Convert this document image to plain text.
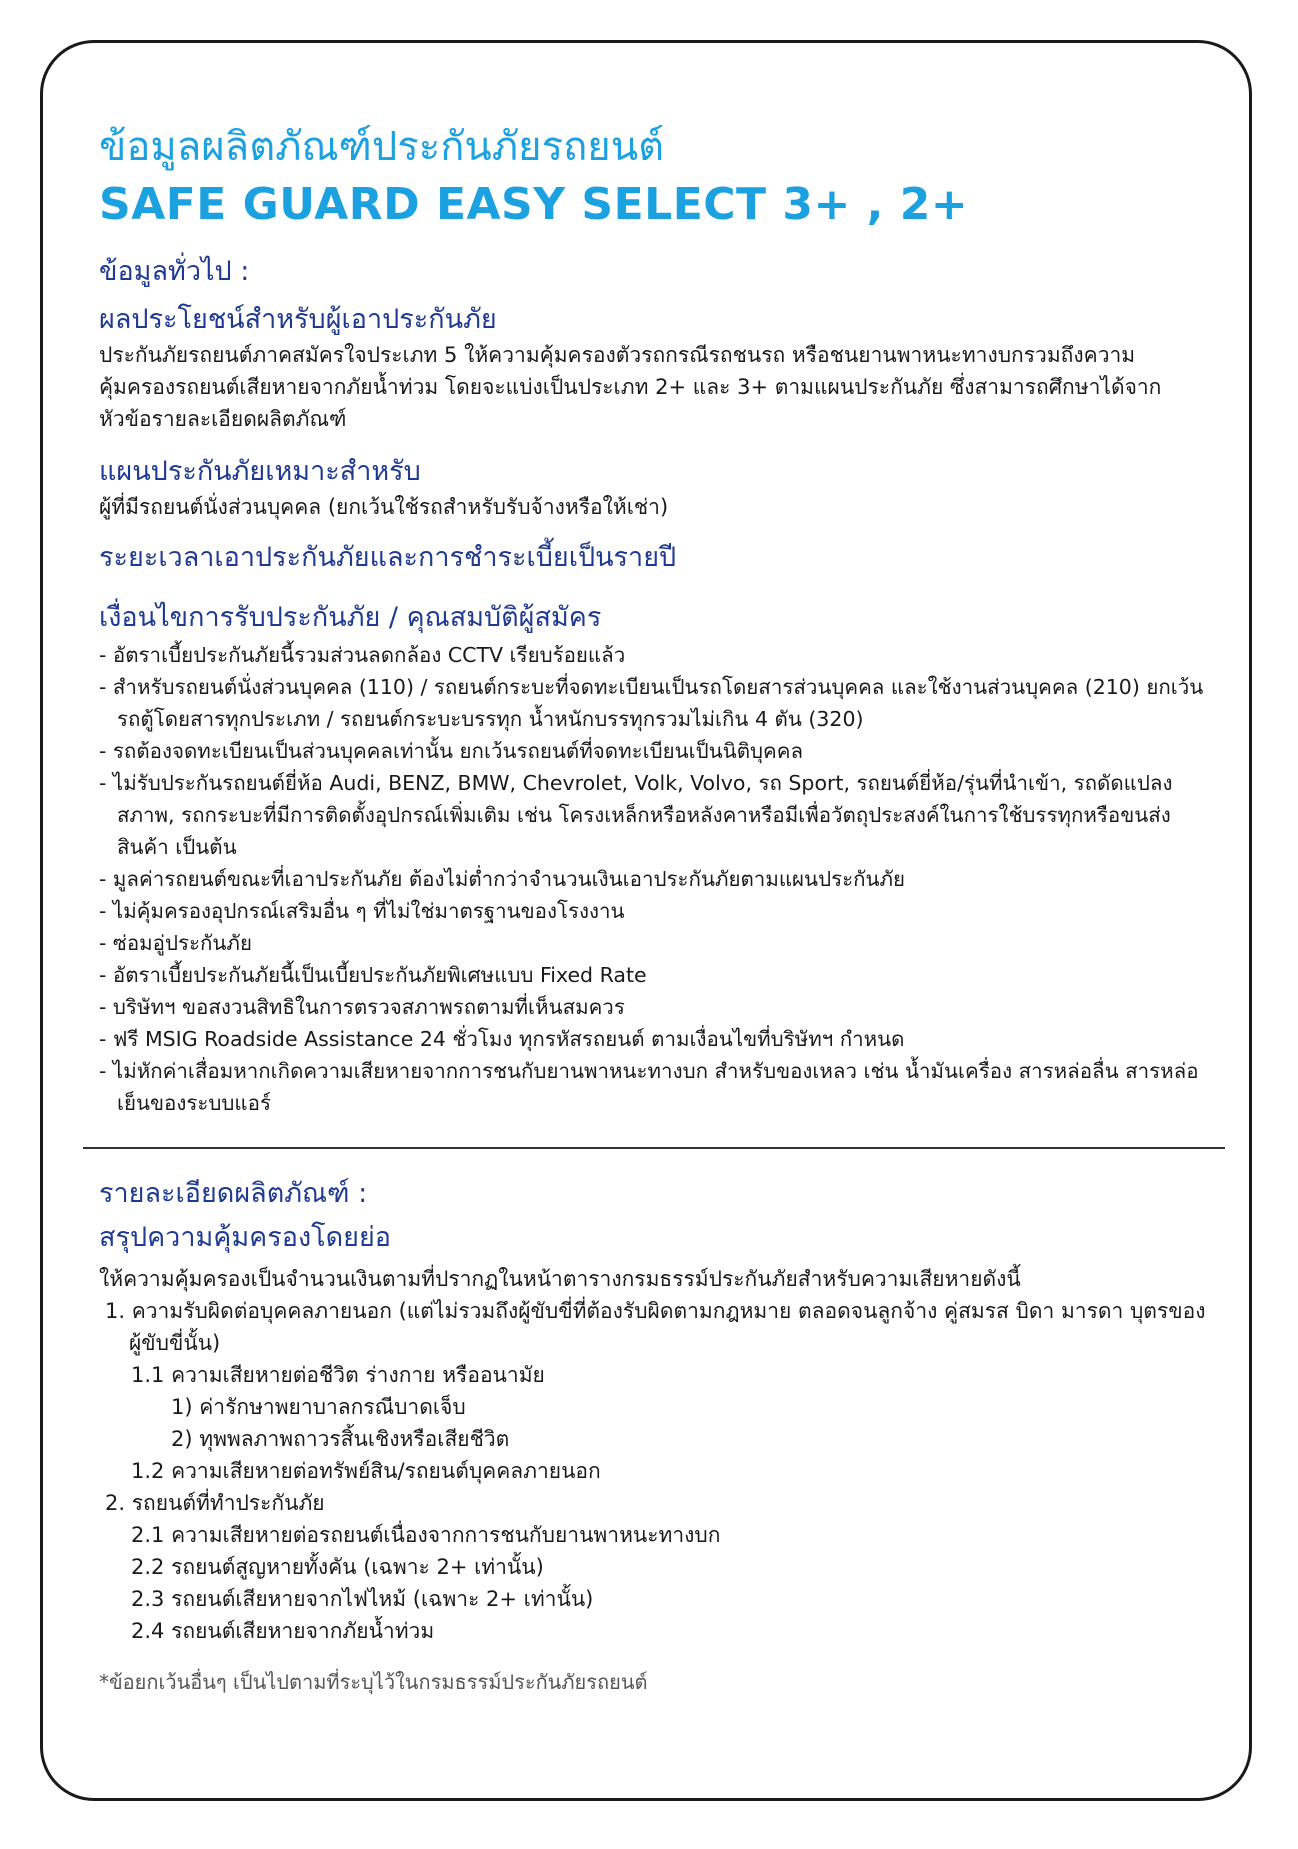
ข้อมูลผลิตภัณฑ์ประกันภัยรถยนต์
SAFE GUARD EASY SELECT 3+ , 2+
ข้อมูลทั่วไป :
ผลประโยชน์สำหรับผู้เอาประกันภัย

ประกันภัยรถยนต์ภาคสมัครใจประเภท 5 ให้ความคุ้มครองตัวรถกรณีรถชนรถ หรือชนยานพาหนะทางบกรวมถึงความคุ้มครองรถยนต์เสียหายจากภัยน้ำท่วม โดยจะแบ่งเป็นประเภท 2+ และ 3+ ตามแผนประกันภัย ซึ่งสามารถศึกษาได้จากหัวข้อรายละเอียดผลิตภัณฑ์

แผนประกันภัยเหมาะสำหรับ

ผู้ที่มีรถยนต์นั่งส่วนบุคคล (ยกเว้นใช้รถสำหรับรับจ้างหรือให้เช่า)

ระยะเวลาเอาประกันภัยและการชำระเบี้ยเป็นรายปี
เงื่อนไขการรับประกันภัย / คุณสมบัติผู้สมัคร
- อัตราเบี้ยประกันภัยนี้รวมส่วนลดกล้อง CCTV เรียบร้อยแล้ว
- สำหรับรถยนต์นั่งส่วนบุคคล (110) / รถยนต์กระบะที่จดทะเบียนเป็นรถโดยสารส่วนบุคคล และใช้งานส่วนบุคคล (210) ยกเว้นรถตู้โดยสารทุกประเภท / รถยนต์กระบะบรรทุก น้ำหนักบรรทุกรวมไม่เกิน 4 ตัน (320)
- รถต้องจดทะเบียนเป็นส่วนบุคคลเท่านั้น ยกเว้นรถยนต์ที่จดทะเบียนเป็นนิติบุคคล
- ไม่รับประกันรถยนต์ยี่ห้อ Audi, BENZ, BMW, Chevrolet, Volk, Volvo, รถ Sport, รถยนต์ยี่ห้อ/รุ่นที่นำเข้า, รถดัดแปลงสภาพ, รถกระบะที่มีการติดตั้งอุปกรณ์เพิ่มเติม เช่น โครงเหล็กหรือหลังคาหรือมีเพื่อวัตถุประสงค์ในการใช้บรรทุกหรือขนส่งสินค้า เป็นต้น
- มูลค่ารถยนต์ขณะที่เอาประกันภัย ต้องไม่ต่ำกว่าจำนวนเงินเอาประกันภัยตามแผนประกันภัย
- ไม่คุ้มครองอุปกรณ์เสริมอื่น ๆ ที่ไม่ใช่มาตรฐานของโรงงาน
- ซ่อมอู่ประกันภัย
- อัตราเบี้ยประกันภัยนี้เป็นเบี้ยประกันภัยพิเศษแบบ Fixed Rate
- บริษัทฯ ขอสงวนสิทธิในการตรวจสภาพรถตามที่เห็นสมควร
- ฟรี MSIG Roadside Assistance 24 ชั่วโมง ทุกรหัสรถยนต์ ตามเงื่อนไขที่บริษัทฯ กำหนด
- ไม่หักค่าเสื่อมหากเกิดความเสียหายจากการชนกับยานพาหนะทางบก สำหรับของเหลว เช่น น้ำมันเครื่อง สารหล่อลื่น สารหล่อเย็นของระบบแอร์
รายละเอียดผลิตภัณฑ์ :
สรุปความคุ้มครองโดยย่อ

ให้ความคุ้มครองเป็นจำนวนเงินตามที่ปรากฏในหน้าตารางกรมธรรม์ประกันภัยสำหรับความเสียหายดังนี้

1. ความรับผิดต่อบุคคลภายนอก (แต่ไม่รวมถึงผู้ขับขี่ที่ต้องรับผิดตามกฎหมาย ตลอดจนลูกจ้าง คู่สมรส บิดา มารดา บุตรของผู้ขับขี่นั้น)

1.1 ความเสียหายต่อชีวิต ร่างกาย หรืออนามัย

1) ค่ารักษาพยาบาลกรณีบาดเจ็บ

2) ทุพพลภาพถาวรสิ้นเชิงหรือเสียชีวิต

1.2 ความเสียหายต่อทรัพย์สิน/รถยนต์บุคคลภายนอก

2. รถยนต์ที่ทำประกันภัย

2.1 ความเสียหายต่อรถยนต์เนื่องจากการชนกับยานพาหนะทางบก

2.2 รถยนต์สูญหายทั้งคัน (เฉพาะ 2+ เท่านั้น)

2.3 รถยนต์เสียหายจากไฟไหม้ (เฉพาะ 2+ เท่านั้น)

2.4 รถยนต์เสียหายจากภัยน้ำท่วม

*ข้อยกเว้นอื่นๆ เป็นไปตามที่ระบุไว้ในกรมธรรม์ประกันภัยรถยนต์
